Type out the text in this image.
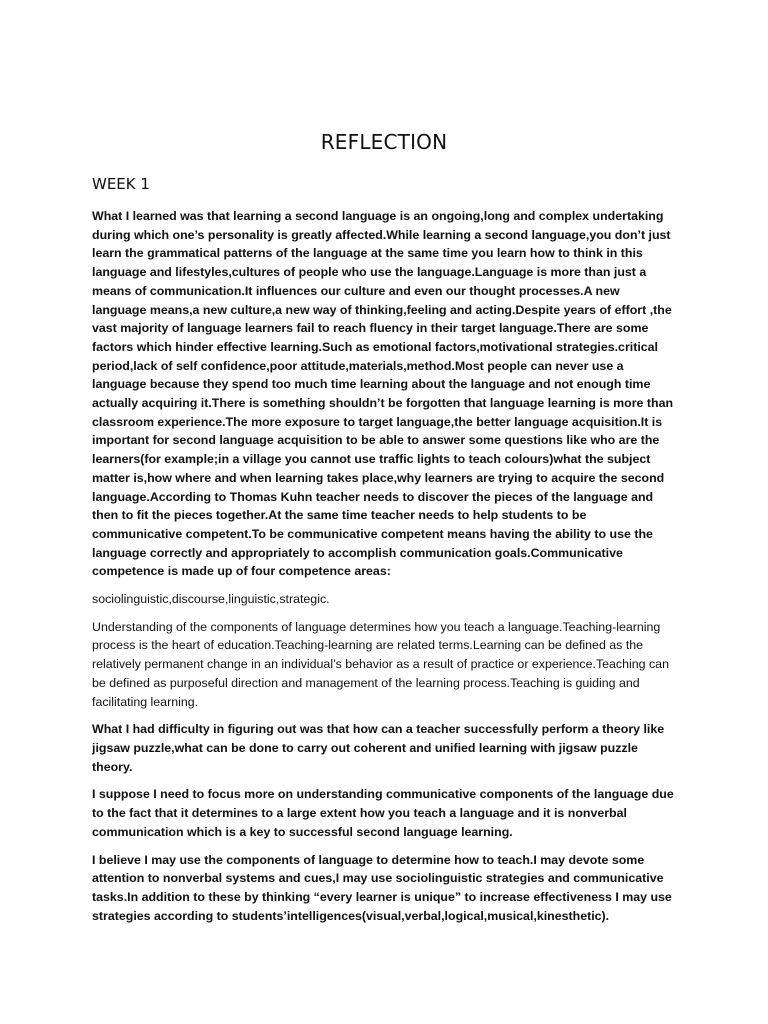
REFLECTION
WEEK 1

What I learned was that learning a second language is an ongoing,long and complex undertaking during which one’s personality is greatly affected.While learning a second language,you don’t just learn the grammatical patterns of the language at the same time you learn how to think in this language and lifestyles,cultures of people who use the language.Language is more than just a means of communication.It influences our culture and even our thought processes.A new language means,a new culture,a new way of thinking,feeling and acting.Despite years of effort ,the vast majority of language learners fail to reach fluency in their target language.There are some factors which hinder effective learning.Such as emotional factors,motivational strategies.critical period,lack of self confidence,poor attitude,materials,method.Most people can never use a language because they spend too much time learning about the language and not enough time actually acquiring it.There is something shouldn’t be forgotten that language learning is more than classroom experience.The more exposure to target language,the better language acquisition.It is important for second language acquisition to be able to answer some questions like who are the learners(for example;in a village you cannot use traffic lights to teach colours)what the subject matter is,how where and when learning takes place,why learners are trying to acquire the second language.According to Thomas Kuhn teacher needs to discover the pieces of the language and then to fit the pieces together.At the same time teacher needs to help students to be communicative competent.To be communicative competent means having the ability to use the language correctly and appropriately to accomplish communication goals.Communicative competence is made up of four competence areas:

sociolinguistic,discourse,linguistic,strategic.

Understanding of the components of language determines how you teach a language.Teaching-learning process is the heart of education.Teaching-learning are related terms.Learning can be defined as the relatively permanent change in an individual’s behavior as a result of practice or experience.Teaching can be defined as purposeful direction and management of the learning process.Teaching is guiding and facilitating learning.

What I had difficulty in figuring out was that how can a teacher successfully perform a theory like jigsaw puzzle,what can be done to carry out coherent and unified learning with jigsaw puzzle theory.

I suppose I need to focus more on understanding communicative components of the language due to the fact that it determines to a large extent how you teach a language and it is nonverbal communication which is a key to successful second language learning.

I believe I may use the components of language to determine how to teach.I may devote some attention to nonverbal systems and cues,I may use sociolinguistic strategies and communicative tasks.In addition to these by thinking “every learner is unique” to increase effectiveness I may use strategies according to students’intelligences(visual,verbal,logical,musical,kinesthetic).
